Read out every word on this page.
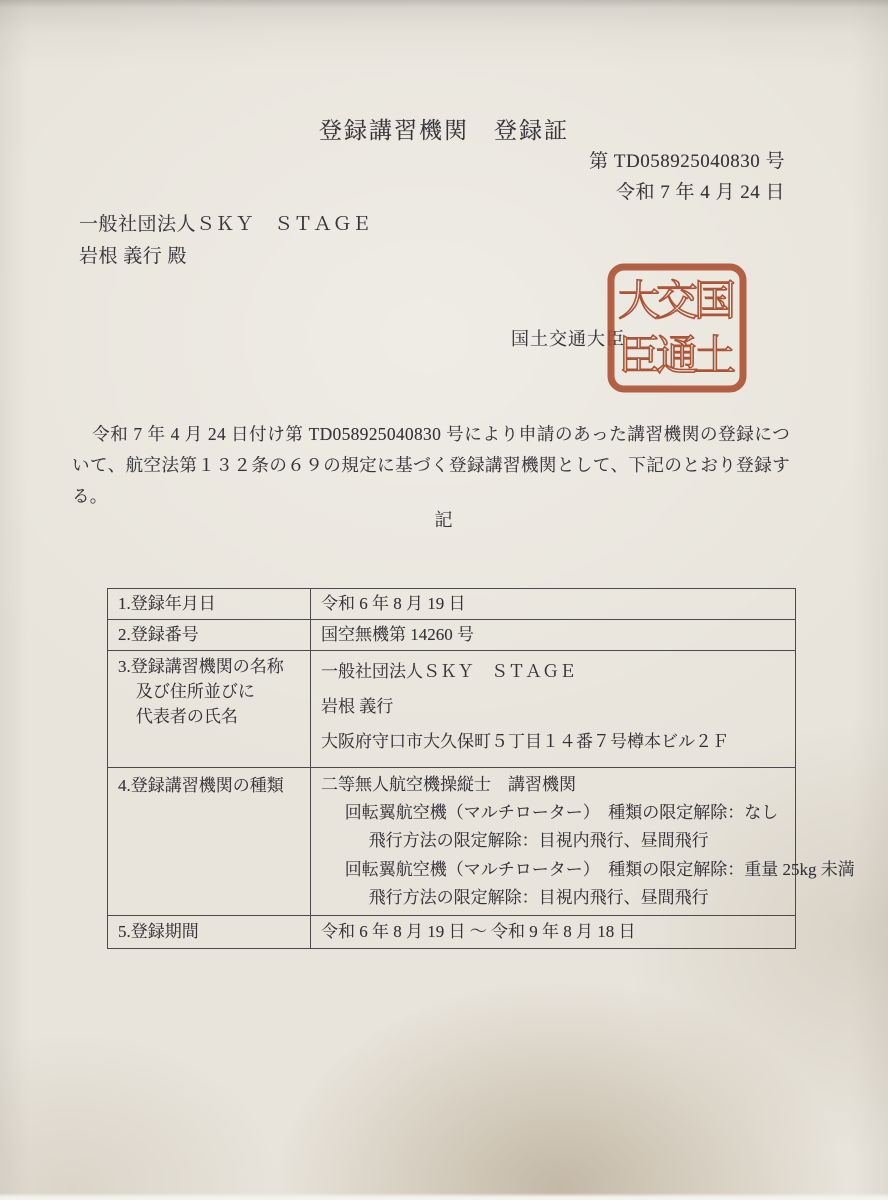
登録講習機関　登録証
第 TD058925040830 号
令和 7 年 4 月 24 日
一般社団法人ＳＫＹ　ＳＴＡＧＥ
岩根 義行 殿
国土交通大臣
国
土
交
通
大
臣
令和 7 年 4 月 24 日付け第 TD058925040830 号により申請のあった講習機関の登録について、航空法第１３２条の６９の規定に基づく登録講習機関として、下記のとおり登録する。
記
1.登録年月日	令和 6 年 8 月 19 日

2.登録番号	国空無機第 14260 号

3.登録講習機関の名称
及び住所並びに
代表者の氏名	一般社団法人ＳＫＹ　ＳＴＡＧＥ
岩根 義行
大阪府守口市大久保町５丁目１４番７号樽本ビル２Ｆ

4.登録講習機関の種類	二等無人航空機操縦士　講習機関
回転翼航空機（マルチローター）　種類の限定解除：なし
飛行方法の限定解除：目視内飛行、昼間飛行
回転翼航空機（マルチローター）　種類の限定解除：重量 25kg 未満
飛行方法の限定解除：目視内飛行、昼間飛行

5.登録期間	令和 6 年 8 月 19 日 ～ 令和 9 年 8 月 18 日
